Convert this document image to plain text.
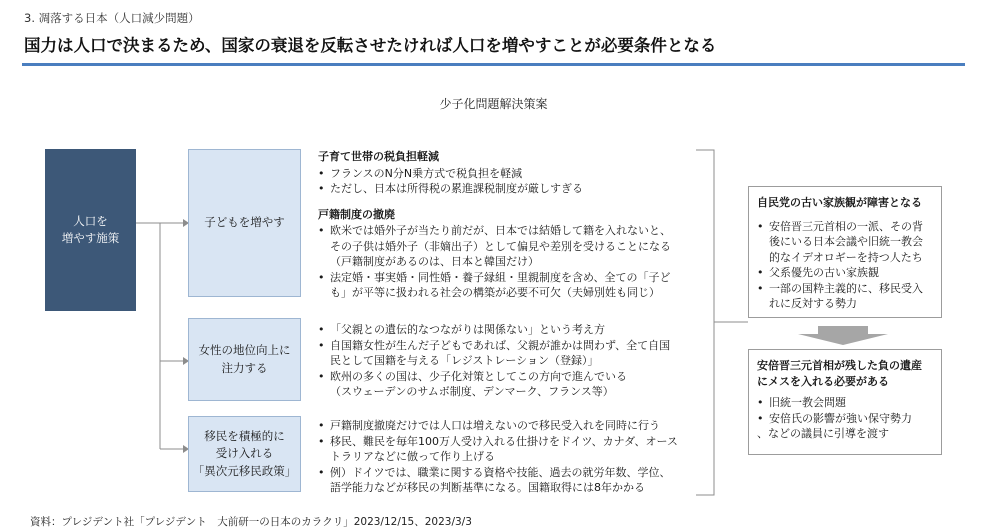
3. 凋落する日本（人口減少問題）
国力は人口で決まるため、国家の衰退を反転させたければ人口を増やすことが必要条件となる
少子化問題解決策案
人口を
増やす施策
子どもを増やす
女性の地位向上に
注力する
移民を積極的に
受け入れる
「異次元移民政策」
子育て世帯の税負担軽減
• フランスのN分N乗方式で税負担を軽減
• ただし、日本は所得税の累進課税制度が厳しすぎる
戸籍制度の撤廃
• 欧米では婚外子が当たり前だが、日本では結婚して籍を入れないと、
その子供は婚外子（非嫡出子）として偏見や差別を受けることになる
（戸籍制度があるのは、日本と韓国だけ）
• 法定婚・事実婚・同性婚・養子縁組・里親制度を含め、全ての「子ど
も」が平等に扱われる社会の構築が必要不可欠（夫婦別姓も同じ）
• 「父親との遺伝的なつながりは関係ない」という考え方
• 自国籍女性が生んだ子どもであれば、父親が誰かは問わず、全て自国
民として国籍を与える「レジストレーション（登録）」
• 欧州の多くの国は、少子化対策としてこの方向で進んでいる
（スウェーデンのサムボ制度、デンマーク、フランス等）
• 戸籍制度撤廃だけでは人口は増えないので移民受入れを同時に行う
• 移民、難民を毎年100万人受け入れる仕掛けをドイツ、カナダ、オース
トラリアなどに倣って作り上げる
• 例）ドイツでは、職業に関する資格や技能、過去の就労年数、学位、
語学能力などが移民の判断基準になる。国籍取得には8年かかる
自民党の古い家族観が障害となる
• 安倍晋三元首相の一派、その背
後にいる日本会議や旧統一教会
的なイデオロギーを持つ人たち
• 父系優先の古い家族観
• 一部の国粋主義的に、移民受入
れに反対する勢力
安倍晋三元首相が残した負の遺産
にメスを入れる必要がある
• 旧統一教会問題
• 安倍氏の影響が強い保守勢力
、などの議員に引導を渡す
資料：プレジデント社「プレジデント　大前研一の日本のカラクリ」2023/12/15、2023/3/3
